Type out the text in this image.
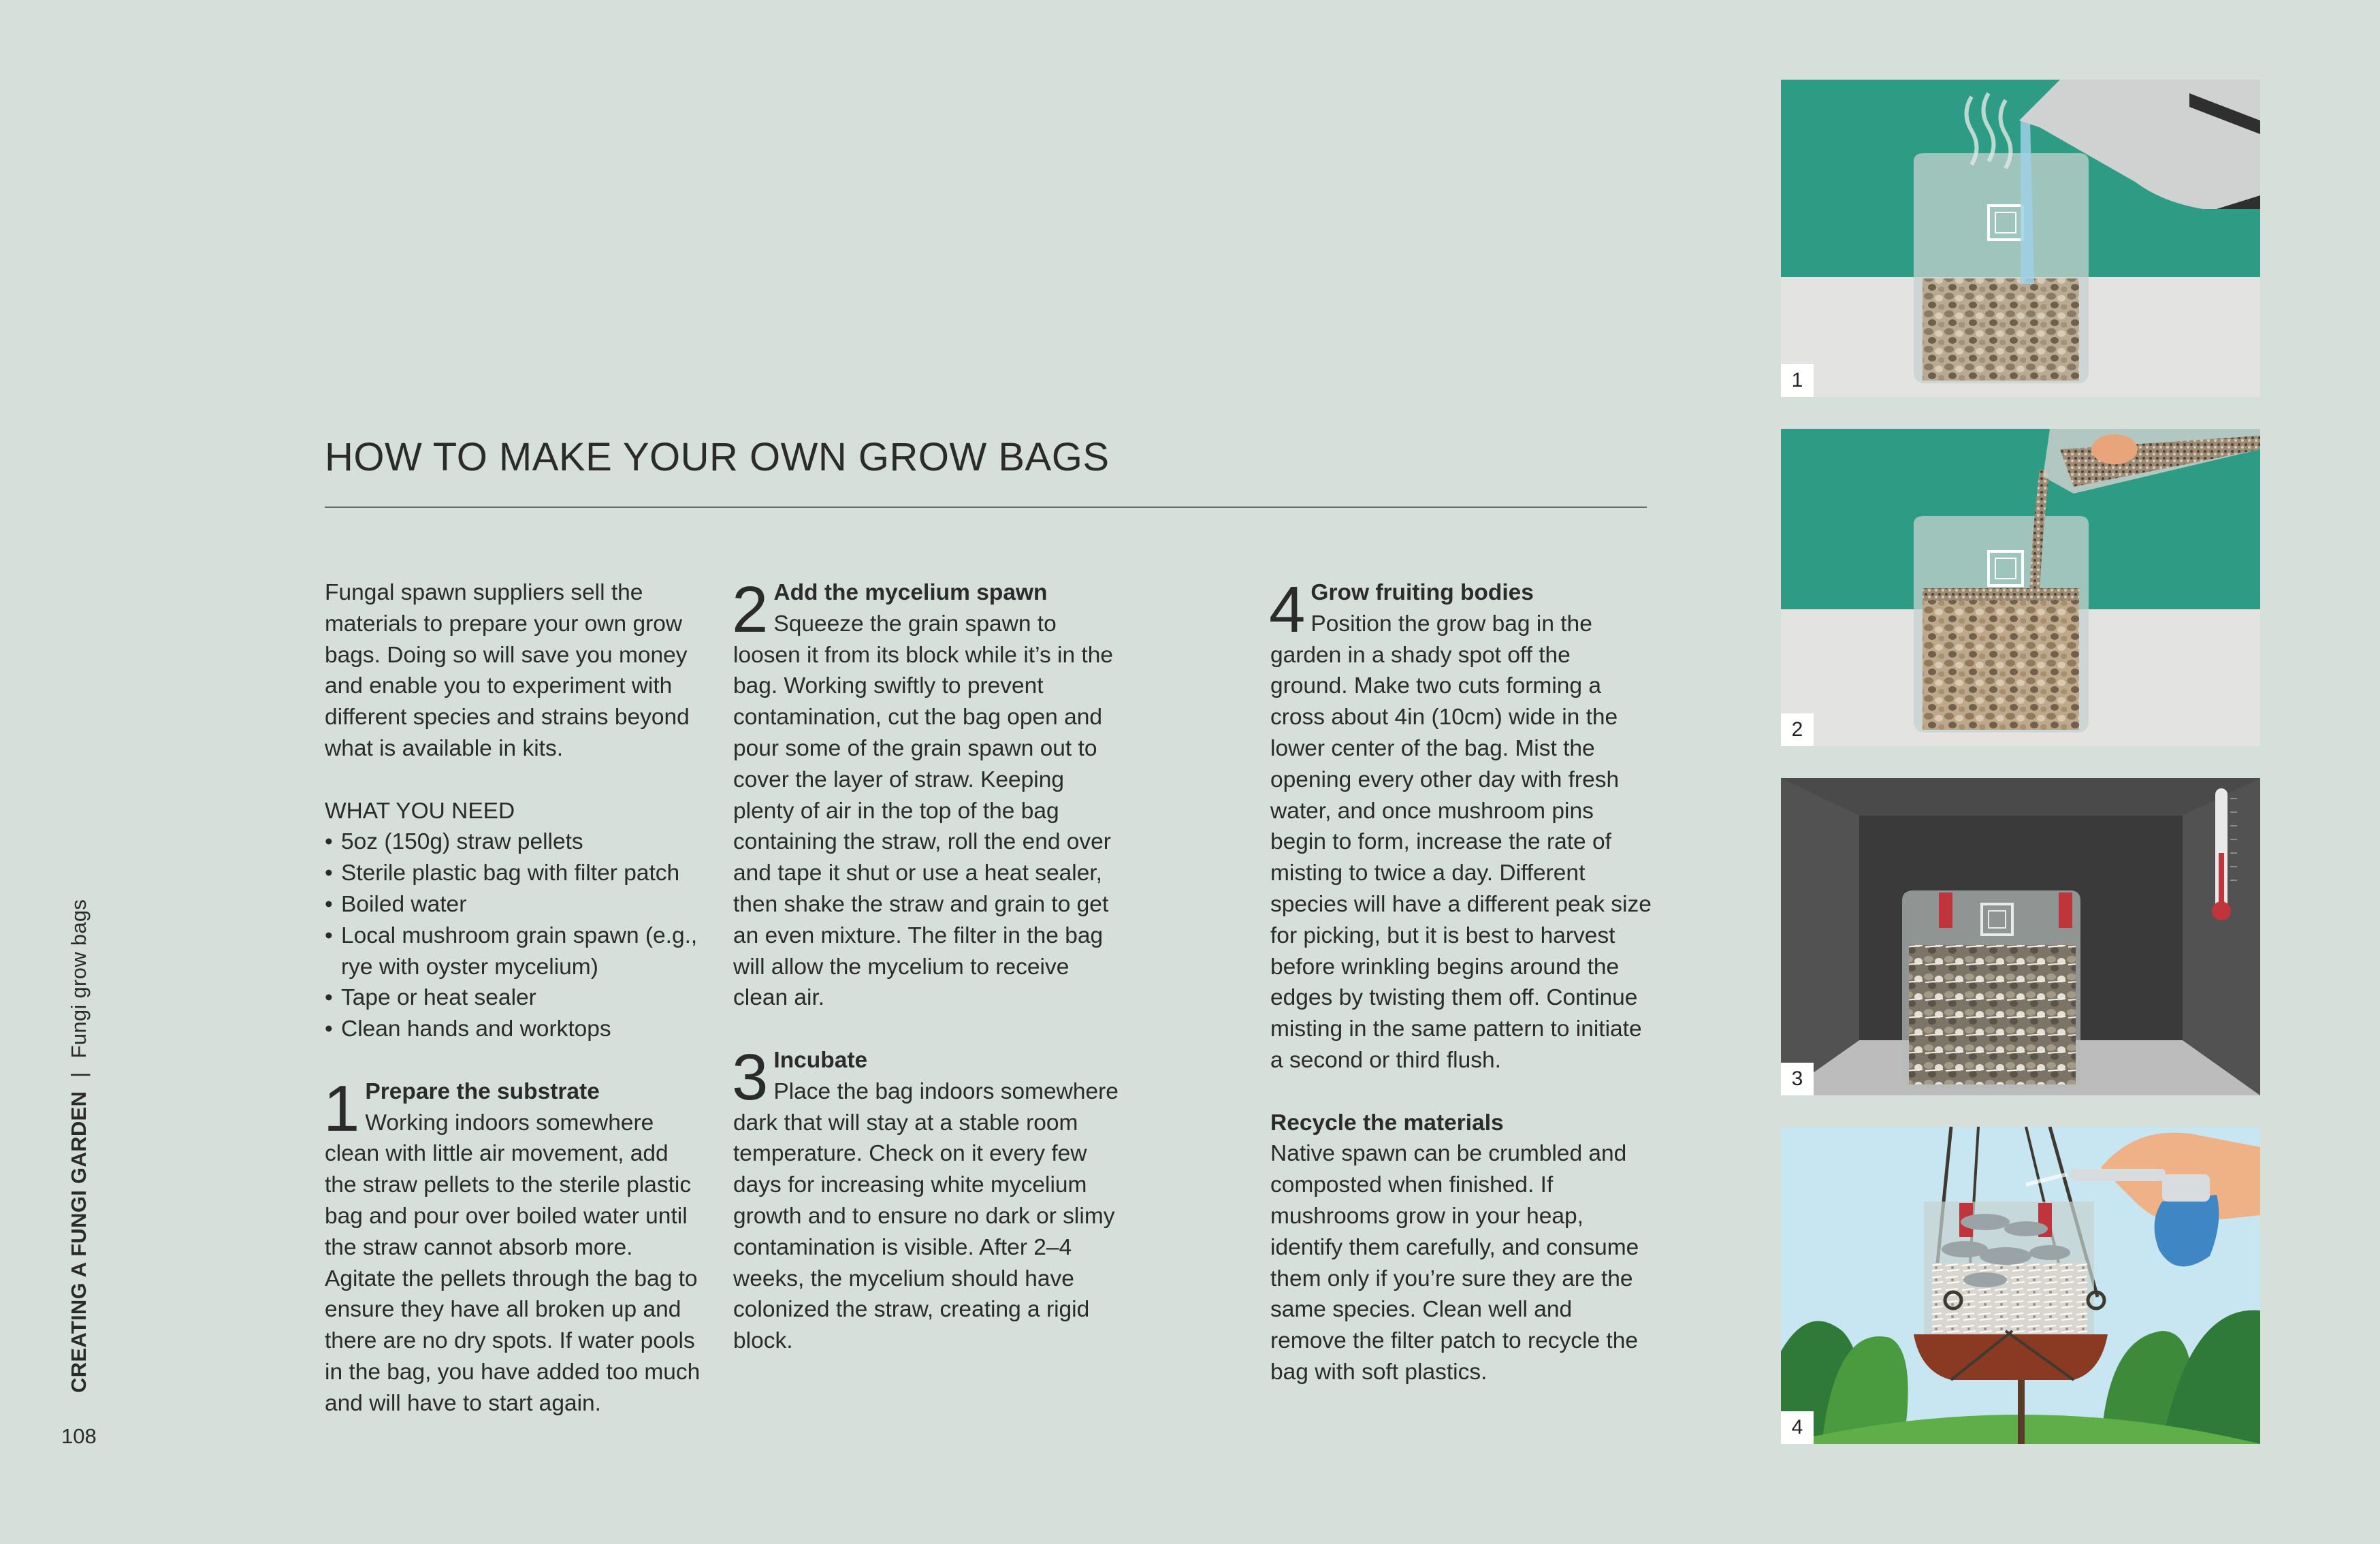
CREATING A FUNGI GARDEN|Fungi grow bags
108
HOW TO MAKE YOUR OWN GROW BAGS

Fungal spawn suppliers sell the
materials to prepare your own grow
bags. Doing so will save you money
and enable you to experiment with
different species and strains beyond
what is available in kits.

WHAT YOU NEED
• 5oz (150g) straw pellets
• Sterile plastic bag with filter patch
• Boiled water
• Local mushroom grain spawn (e.g., rye with oyster mycelium)
• Tape or heat sealer
• Clean hands and worktops
1 Prepare the substrate
Working indoors somewhere clean with little air movement, add the straw pellets to the sterile plastic bag and pour over boiled water until the straw cannot absorb more. Agitate the pellets through the bag to ensure they have all broken up and there are no dry spots. If water pools in the bag, you have added too much and will have to start again.
2 Add the mycelium spawn
Squeeze the grain spawn to loosen it from its block while it’s in the bag. Working swiftly to prevent contamination, cut the bag open and pour some of the grain spawn out to cover the layer of straw. Keeping plenty of air in the top of the bag containing the straw, roll the end over and tape it shut or use a heat sealer, then shake the straw and grain to get an even mixture. The filter in the bag will allow the mycelium to receive clean air.
3 Incubate
Place the bag indoors somewhere dark that will stay at a stable room temperature. Check on it every few days for increasing white mycelium growth and to ensure no dark or slimy contamination is visible. After 2–4 weeks, the mycelium should have colonized the straw, creating a rigid block.
4 Grow fruiting bodies
Position the grow bag in the garden in a shady spot off the ground. Make two cuts forming a cross about 4in (10cm) wide in the lower center of the bag. Mist the opening every other day with fresh water, and once mushroom pins begin to form, increase the rate of misting to twice a day. Different species will have a different peak size for picking, but it is best to harvest before wrinkling begins around the edges by twisting them off. Continue misting in the same pattern to initiate a second or third flush.
Recycle the materials
Native spawn can be crumbled and composted when finished. If mushrooms grow in your heap, identify them carefully, and consume them only if you’re sure they are the same species. Clean well and remove the filter patch to recycle the bag with soft plastics.
1
2
3
4
